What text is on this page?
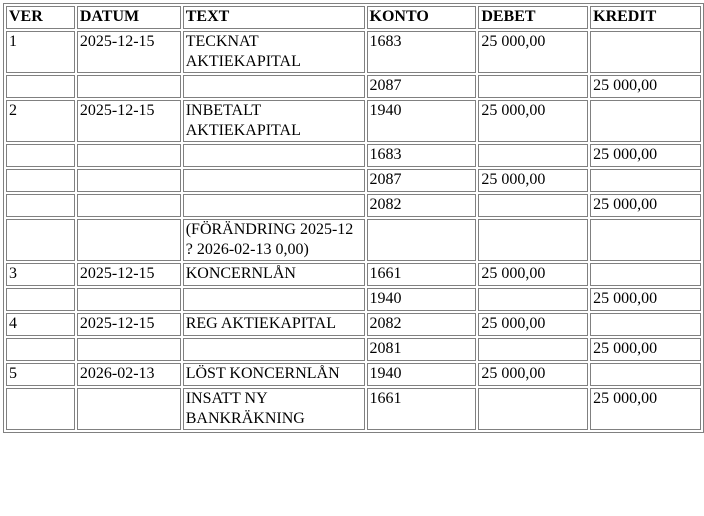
VER	DATUM	TEXT	KONTO	DEBET	KREDIT

1	2025-12-15	TECKNAT AKTIEKAPITAL	1683	25 000,00	

			2087		25 000,00

2	2025-12-15	INBETALT AKTIEKAPITAL	1940	25 000,00	

			1683		25 000,00

			2087	25 000,00	

			2082		25 000,00

		(FÖRÄNDRING 2025-12 ? 2026-02-13 0,00)			

3	2025-12-15	KONCERNLÅN	1661	25 000,00	

			1940		25 000,00

4	2025-12-15	REG AKTIEKAPITAL	2082	25 000,00	

			2081		25 000,00

5	2026-02-13	LÖST KONCERNLÅN	1940	25 000,00	

		INSATT NY BANKRÄKNING	1661		25 000,00
